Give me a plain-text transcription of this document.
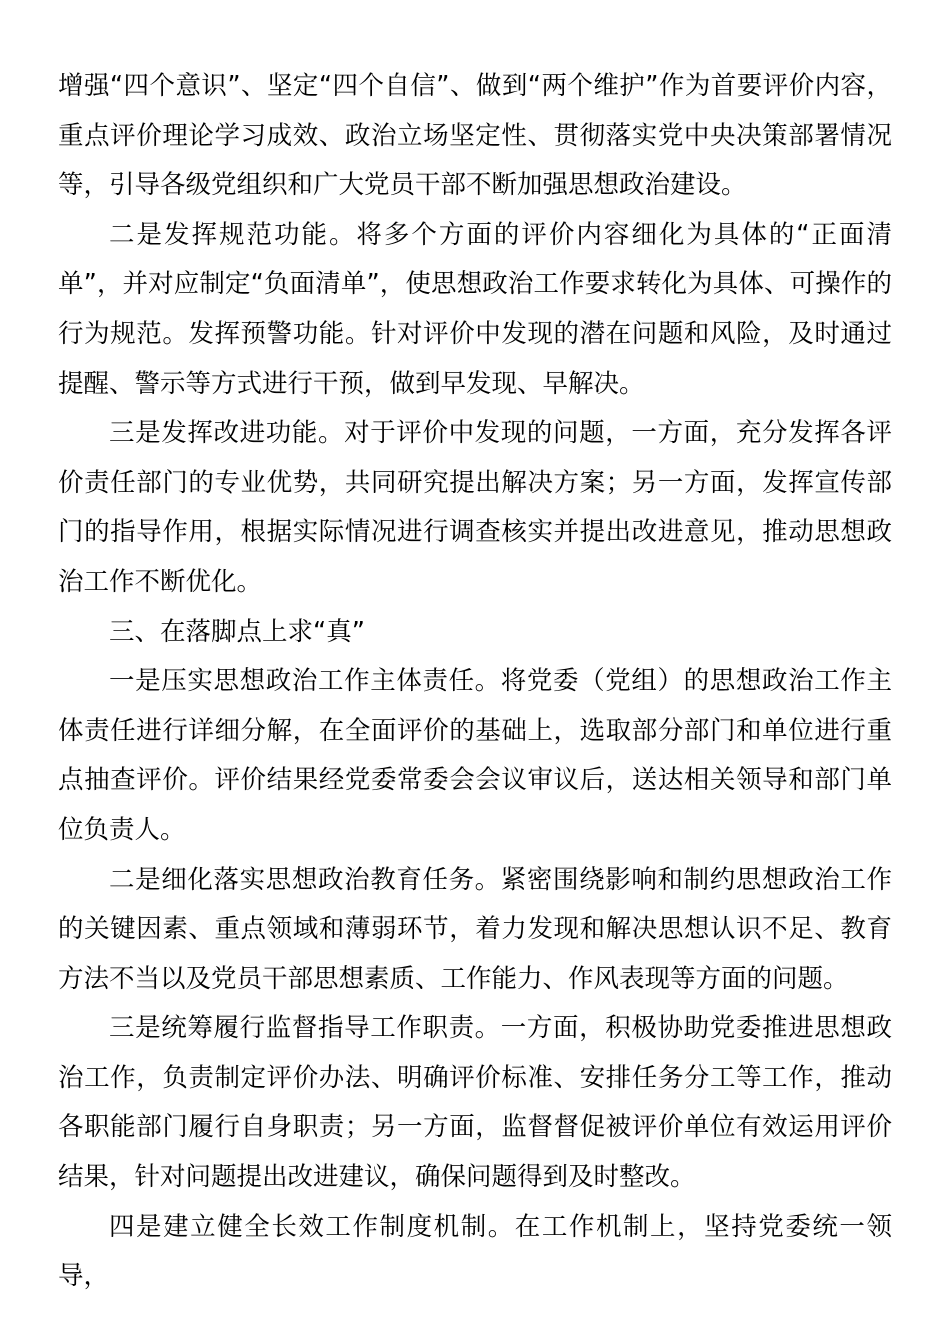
增强“四个意识”、坚定“四个自信”、做到“两个维护”作为首要评价内容，重点评价理论学习成效、政治立场坚定性、贯彻落实党中央决策部署情况等，引导各级党组织和广大党员干部不断加强思想政治建设。

二是发挥规范功能。将多个方面的评价内容细化为具体的“正面清单”，并对应制定“负面清单”，使思想政治工作要求转化为具体、可操作的行为规范。发挥预警功能。针对评价中发现的潜在问题和风险，及时通过提醒、警示等方式进行干预，做到早发现、早解决。

三是发挥改进功能。对于评价中发现的问题，一方面，充分发挥各评价责任部门的专业优势，共同研究提出解决方案；另一方面，发挥宣传部门的指导作用，根据实际情况进行调查核实并提出改进意见，推动思想政治工作不断优化。

三、在落脚点上求“真”

一是压实思想政治工作主体责任。将党委（党组）的思想政治工作主体责任进行详细分解，在全面评价的基础上，选取部分部门和单位进行重点抽查评价。评价结果经党委常委会会议审议后，送达相关领导和部门单位负责人。

二是细化落实思想政治教育任务。紧密围绕影响和制约思想政治工作的关键因素、重点领域和薄弱环节，着力发现和解决思想认识不足、教育方法不当以及党员干部思想素质、工作能力、作风表现等方面的问题。

三是统筹履行监督指导工作职责。一方面，积极协助党委推进思想政治工作，负责制定评价办法、明确评价标准、安排任务分工等工作，推动各职能部门履行自身职责；另一方面，监督督促被评价单位有效运用评价结果，针对问题提出改进建议，确保问题得到及时整改。

四是建立健全长效工作制度机制。在工作机制上，坚持党委统一领导，
